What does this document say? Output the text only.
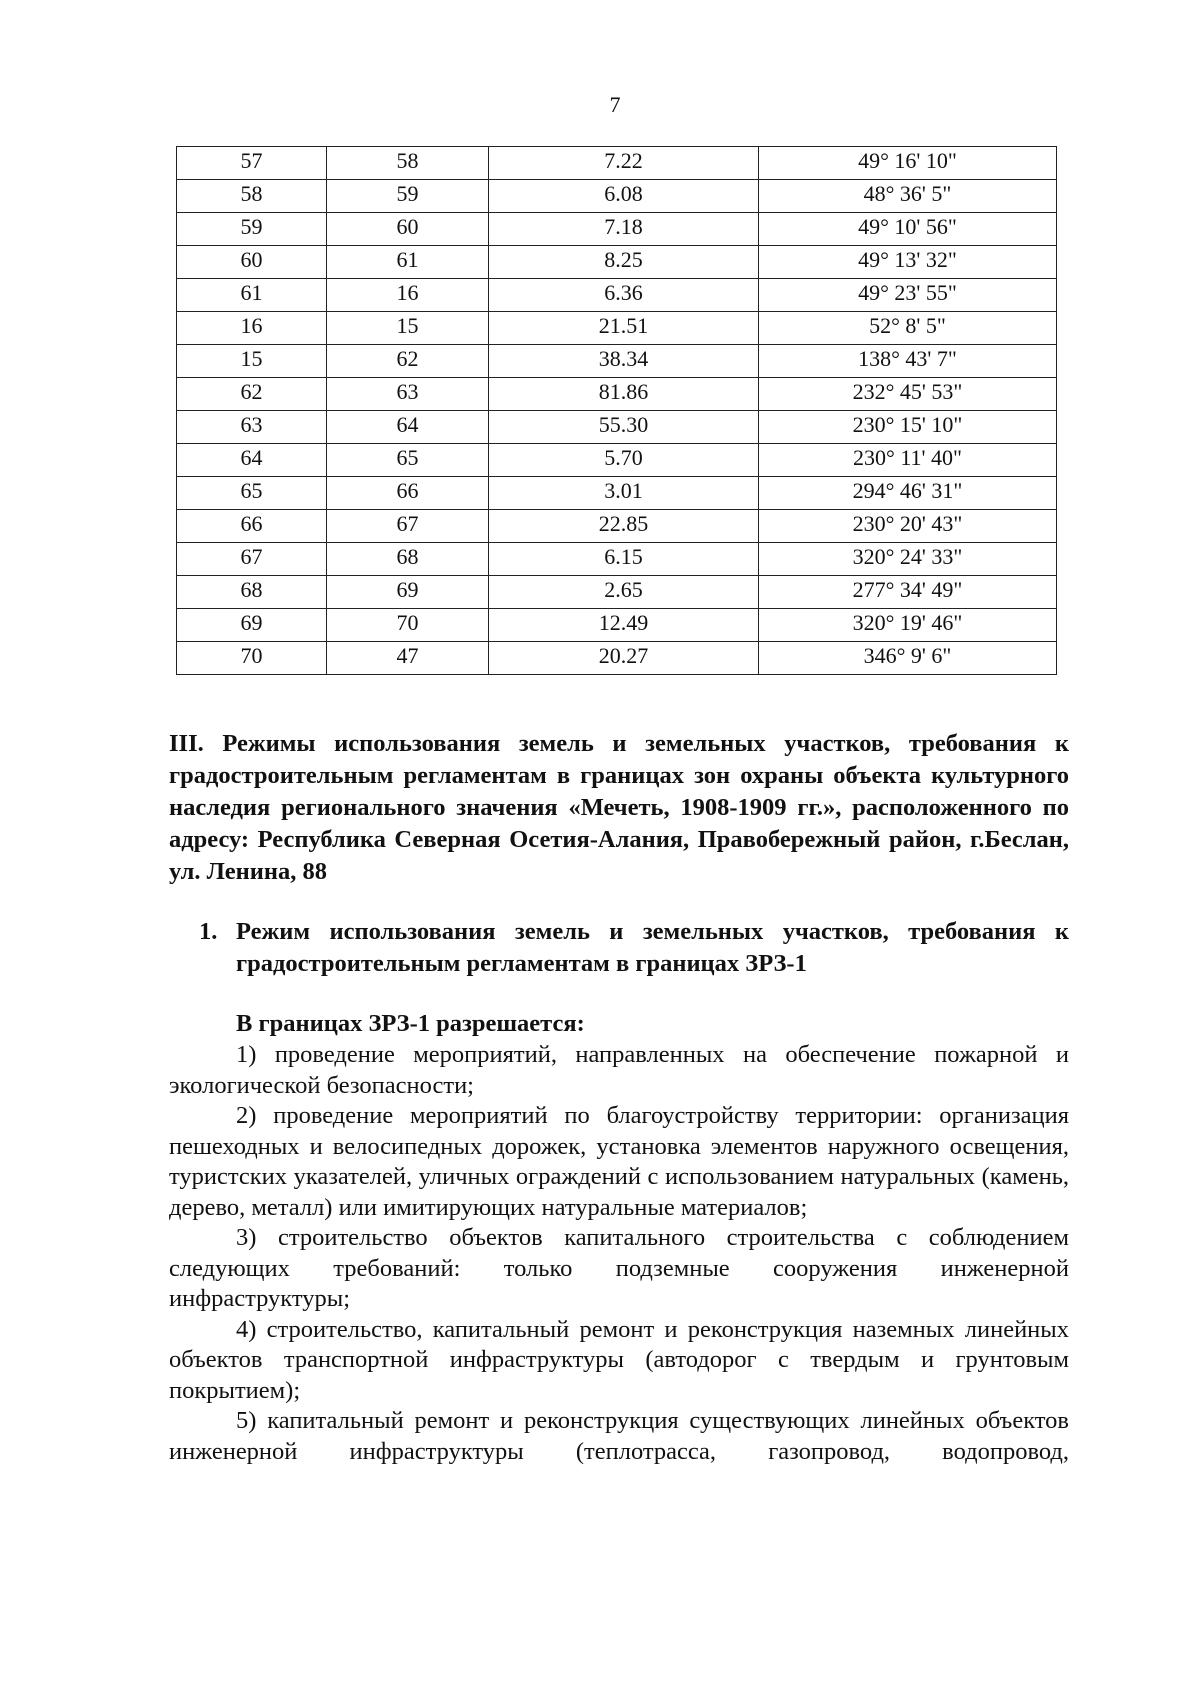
7
57	58	7.22	49° 16' 10"
58	59	6.08	48° 36' 5"
59	60	7.18	49° 10' 56"
60	61	8.25	49° 13' 32"
61	16	6.36	49° 23' 55"
16	15	21.51	52° 8' 5"
15	62	38.34	138° 43' 7"
62	63	81.86	232° 45' 53"
63	64	55.30	230° 15' 10"
64	65	5.70	230° 11' 40"
65	66	3.01	294° 46' 31"
66	67	22.85	230° 20' 43"
67	68	6.15	320° 24' 33"
68	69	2.65	277° 34' 49"
69	70	12.49	320° 19' 46"
70	47	20.27	346° 9' 6"
III. Режимы использования земель и земельных участков, требования к градостроительным регламентам в границах зон охраны объекта культурного наследия регионального значения «Мечеть, 1908-1909 гг.», расположенного по адресу: Республика Северная Осетия-Алания, Правобережный район, г.Беслан, ул. Ленина, 88
1. Режим использования земель и земельных участков, требования к градостроительным регламентам в границах ЗРЗ-1
В границах ЗРЗ-1 разрешается:

1) проведение мероприятий, направленных на обеспечение пожарной и экологической безопасности;

2) проведение мероприятий по благоустройству территории: организация пешеходных и велосипедных дорожек, установка элементов наружного освещения, туристских указателей, уличных ограждений с использованием натуральных (камень, дерево, металл) или имитирующих натуральные материалов;

3) строительство объектов капитального строительства с соблюдением следующих требований: только подземные сооружения инженерной инфраструктуры;

4) строительство, капитальный ремонт и реконструкция наземных линейных объектов транспортной инфраструктуры (автодорог с твердым и грунтовым покрытием);

5) капитальный ремонт и реконструкция существующих линейных объектов инженерной инфраструктуры (теплотрасса, газопровод, водопровод,
